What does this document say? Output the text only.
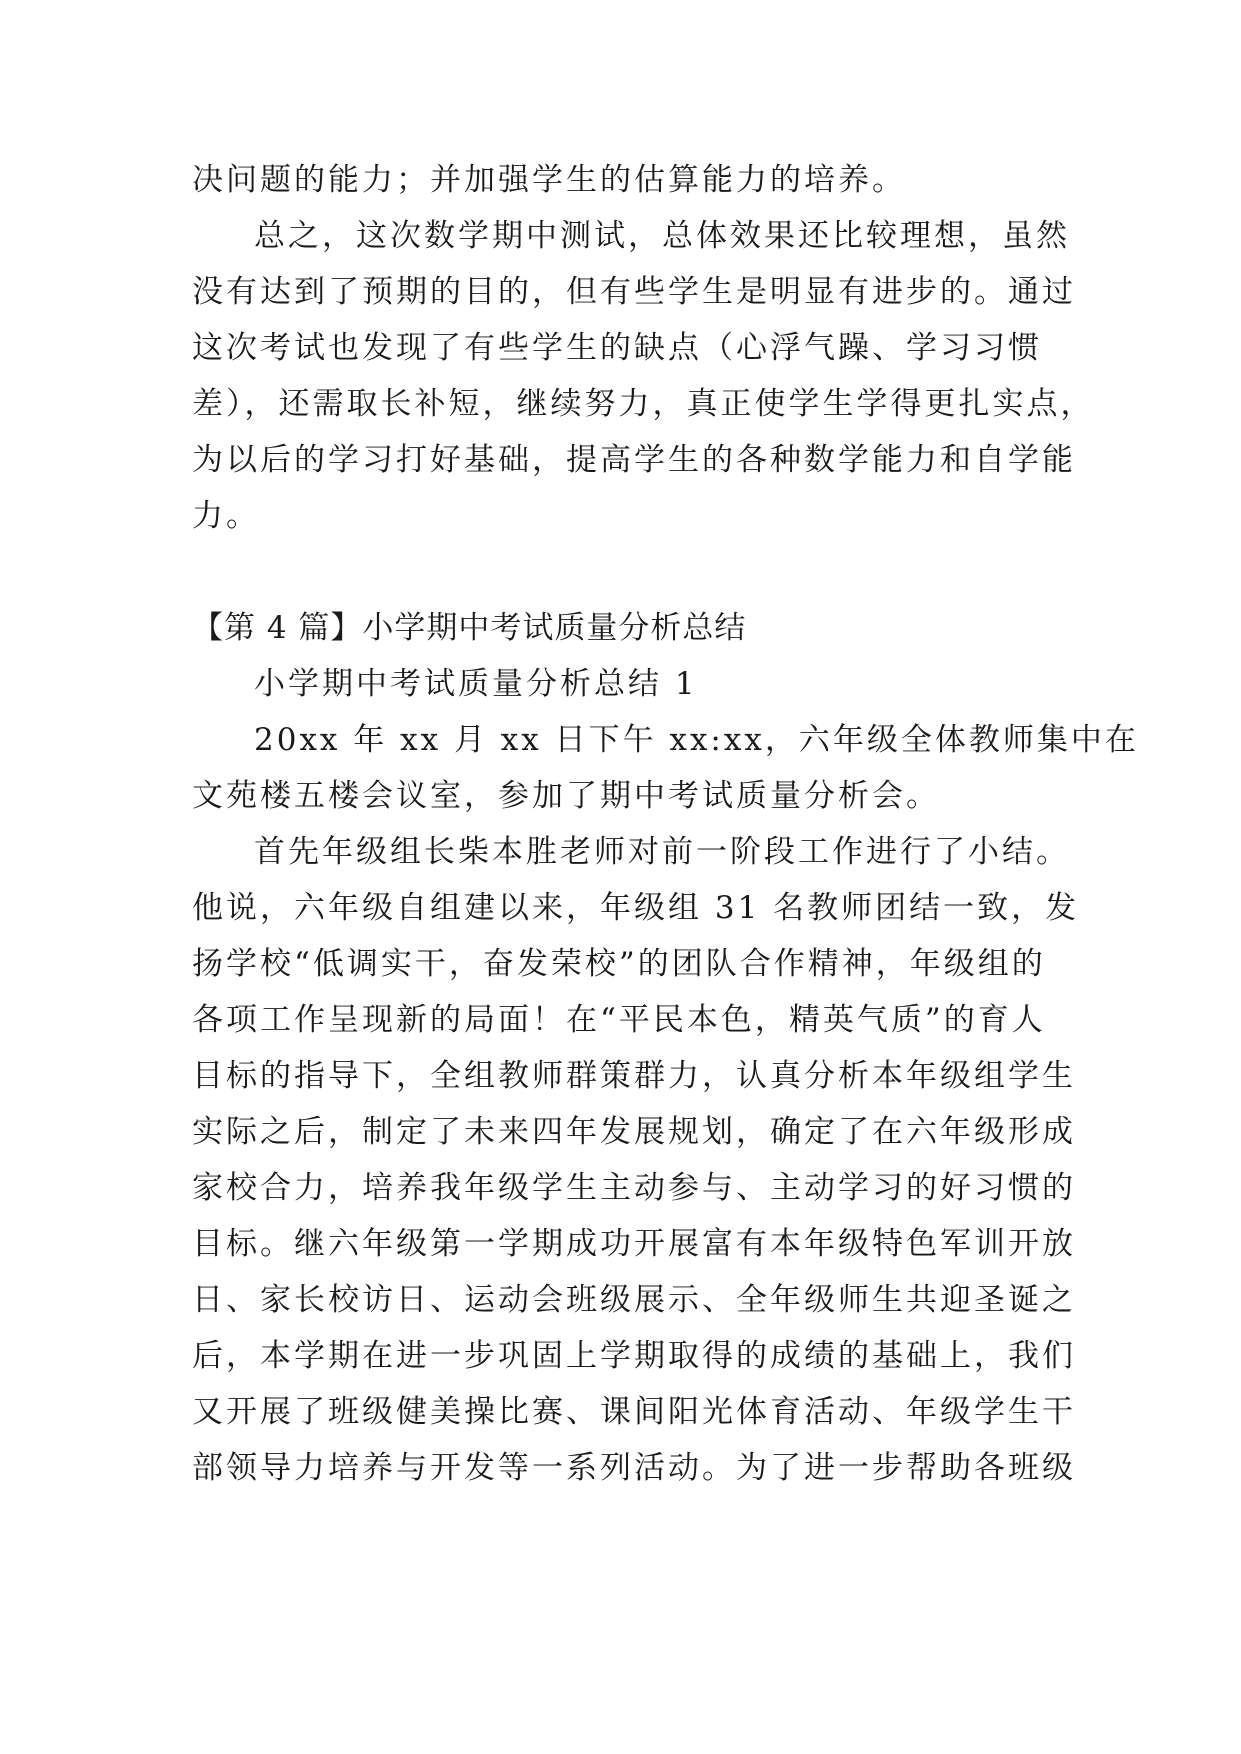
决问题的能力；并加强学生的估算能力的培养。
总之，这次数学期中测试，总体效果还比较理想，虽然
没有达到了预期的目的，但有些学生是明显有进步的。通过
这次考试也发现了有些学生的缺点（心浮气躁、学习习惯
差），还需取长补短，继续努力，真正使学生学得更扎实点，
为以后的学习打好基础，提高学生的各种数学能力和自学能
力。
【第 4 篇】小学期中考试质量分析总结
小学期中考试质量分析总结 1
20xx 年 xx 月 xx 日下午 xx:xx，六年级全体教师集中在
文苑楼五楼会议室，参加了期中考试质量分析会。
首先年级组长柴本胜老师对前一阶段工作进行了小结。
他说，六年级自组建以来，年级组 31 名教师团结一致，发
扬学校“低调实干，奋发荣校”的团队合作精神，年级组的
各项工作呈现新的局面！在“平民本色，精英气质”的育人
目标的指导下，全组教师群策群力，认真分析本年级组学生
实际之后，制定了未来四年发展规划，确定了在六年级形成
家校合力，培养我年级学生主动参与、主动学习的好习惯的
目标。继六年级第一学期成功开展富有本年级特色军训开放
日、家长校访日、运动会班级展示、全年级师生共迎圣诞之
后，本学期在进一步巩固上学期取得的成绩的基础上，我们
又开展了班级健美操比赛、课间阳光体育活动、年级学生干
部领导力培养与开发等一系列活动。为了进一步帮助各班级
